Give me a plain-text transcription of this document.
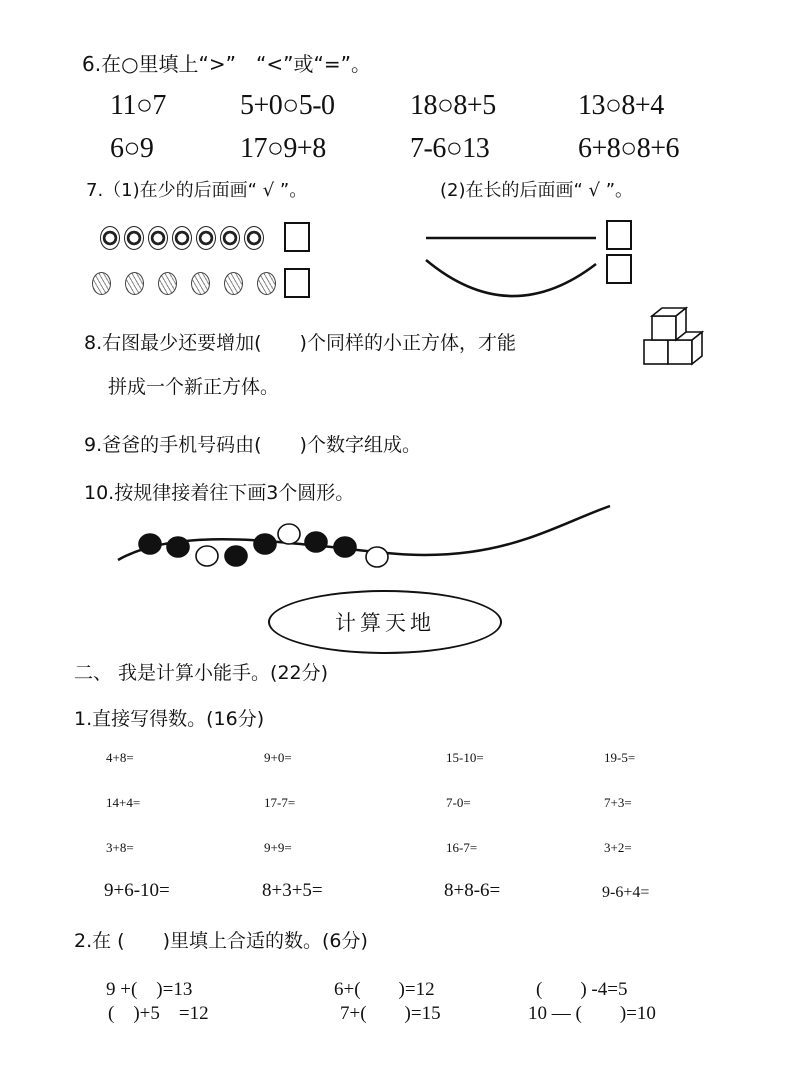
6.在○里填上“>”　“<”或“=”。
11○7	5+0○5-0	18○8+5	13○8+4
6○9	17○9+8	7-6○13	6+8○8+6
7.（1)在少的后面画“ √ ”。	(2)在长的后面画“ √ ”。
8.右图最少还要增加(　　)个同样的小正方体，才能
拼成一个新正方体。
9.爸爸的手机号码由(　　)个数字组成。
10.按规律接着往下画3个圆形。
计算天地
二、 我是计算小能手。(22分)
1.直接写得数。(16分)
4+8=	9+0=	15-10=	19-5=
14+4=	17-7=	7-0=	7+3=
3+8=	9+9=	16-7=	3+2=
9+6-10=	8+3+5=	8+8-6=	9-6+4=
2.在 (　　)里填上合适的数。(6分)
9 +(　)=13	6+(　　)=12	(　　) -4=5
(　)+5　=12	7+(　　)=15	10 — (　　)=10
